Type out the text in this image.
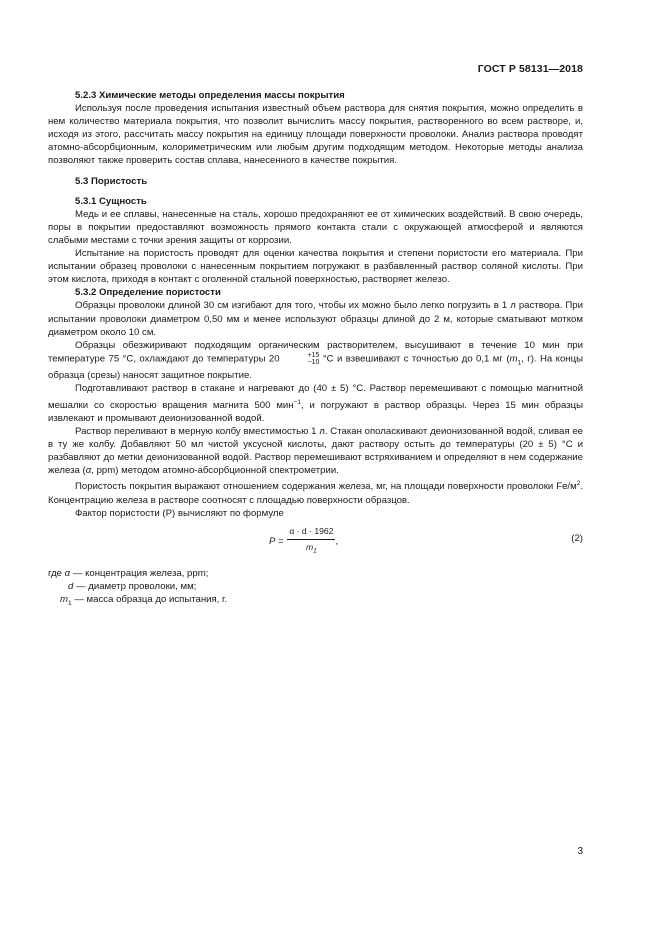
ГОСТ Р 58131—2018

5.2.3 Химические методы определения массы покрытия

Используя после проведения испытания известный объем раствора для снятия покрытия, можно определить в нем количество материала покрытия, что позволит вычислить массу покрытия, растворенного во всем растворе, и, исходя из этого, рассчитать массу покрытия на единицу площади поверхности проволоки. Анализ раствора проводят атомно-абсорбционным, колориметрическим или любым другим подходящим методом. Некоторые методы анализа позволяют также проверить состав сплава, нанесенного в качестве покрытия.

5.3 Пористость

5.3.1 Сущность

Медь и ее сплавы, нанесенные на сталь, хорошо предохраняют ее от химических воздействий. В свою очередь, поры в покрытии предоставляют возможность прямого контакта стали с окружающей атмосферой и являются слабыми местами с точки зрения защиты от коррозии.

Испытание на пористость проводят для оценки качества покрытия и степени пористости его материала. При испытании образец проволоки с нанесенным покрытием погружают в разбавленный раствор соляной кислоты. При этом кислота, приходя в контакт с оголенной стальной поверхностью, растворяет железо.

5.3.2 Определение пористости

Образцы проволоки длиной 30 см изгибают для того, чтобы их можно было легко погрузить в 1 л раствора. При испытании проволоки диаметром 0,50 мм и менее используют образцы длиной до 2 м, которые сматывают мотком диаметром около 10 см.

Образцы обезжиривают подходящим органическим растворителем, высушивают в течение 10 мин при температуре 75 °С, охлаждают до температуры 20	+15
−10 °С и взвешивают с точностью до 0,1 мг ($m_1$, г). На концы образца (срезы) наносят защитное покрытие.

Подготавливают раствор в стакане и нагревают до (40 ± 5) °С. Раствор перемешивают с помощью магнитной мешалки со скоростью вращения магнита 500 мин$^{-1}$, и погружают в раствор образцы. Через 15 мин образцы извлекают и промывают деионизованной водой.

Раствор переливают в мерную колбу вместимостью 1 л. Стакан ополаскивают деионизованной водой, сливая ее в ту же колбу. Добавляют 50 мл чистой уксусной кислоты, дают раствору остыть до температуры (20 ± 5) °С и разбавляют до метки деионизованной водой. Раствор перемешивают встряхиванием и определяют в нем содержание железа (α, ppm) методом атомно-абсорбционной спектрометрии.

Пористость покрытия выражают отношением содержания железа, мг, на площади поверхности проволоки $Fe/м^2$. Концентрацию железа в растворе соотносят с площадью поверхности образцов.

Фактор пористости (Р) вычисляют по формуле

$P = \frac{\alpha \cdot d \cdot 1962}{m_1}$ ,	(2)
где α — концентрация железа, ppm;
d — диаметр проволоки, мм;
$m_1$ — масса образца до испытания, г.
3
